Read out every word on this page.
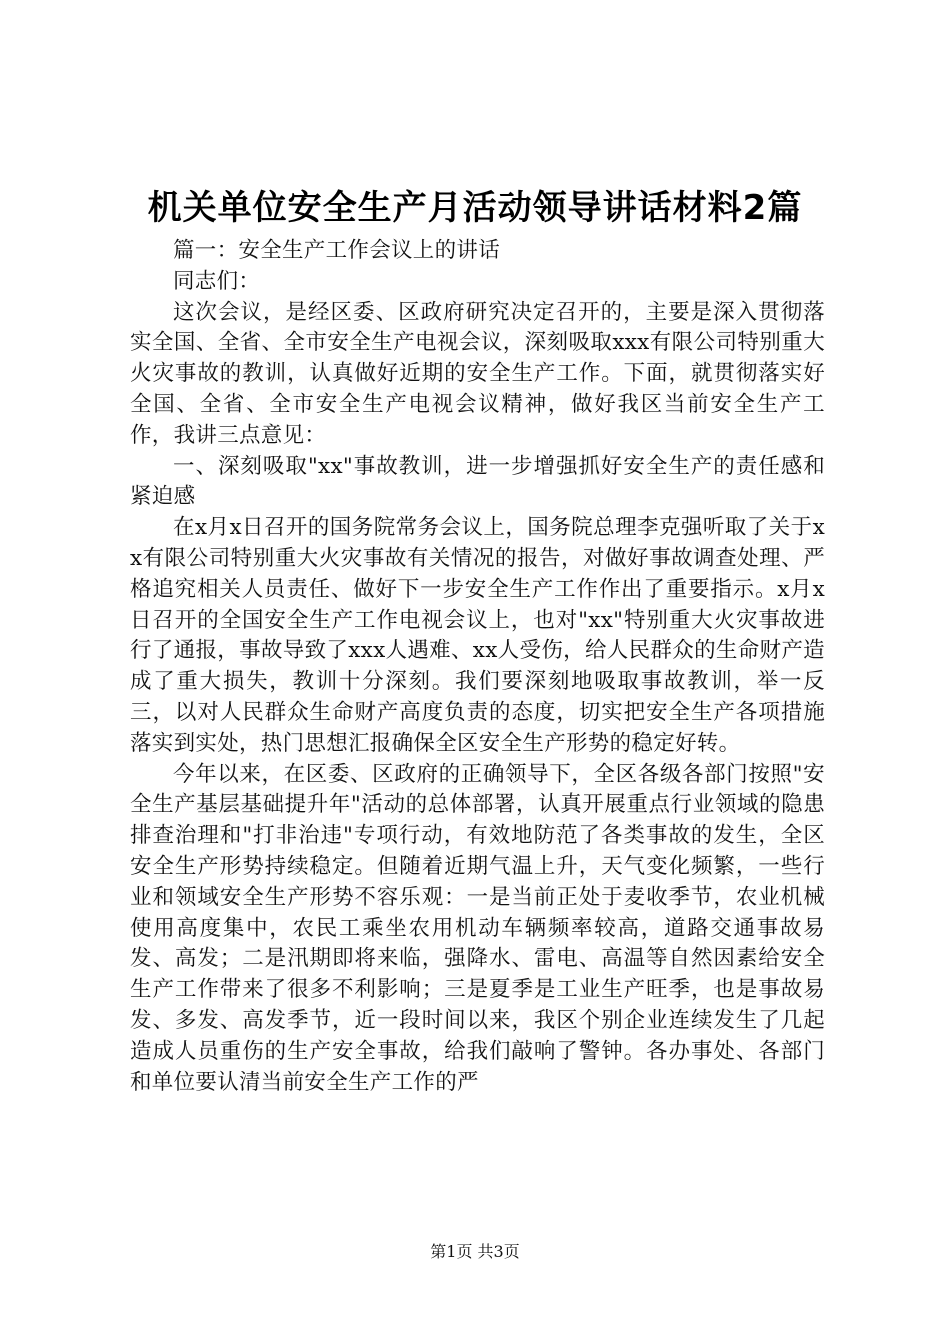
机关单位安全生产月活动领导讲话材料2篇

篇一：安全生产工作会议上的讲话

同志们：

这次会议，是经区委、区政府研究决定召开的，主要是深入贯彻落实全国、全省、全市安全生产电视会议，深刻吸取xxx有限公司特别重大火灾事故的教训，认真做好近期的安全生产工作。下面，就贯彻落实好全国、全省、全市安全生产电视会议精神，做好我区当前安全生产工作，我讲三点意见：

一、深刻吸取"xx"事故教训，进一步增强抓好安全生产的责任感和紧迫感

在x月x日召开的国务院常务会议上，国务院总理李克强听取了关于xx有限公司特别重大火灾事故有关情况的报告，对做好事故调查处理、严格追究相关人员责任、做好下一步安全生产工作作出了重要指示。x月x日召开的全国安全生产工作电视会议上，也对"xx"特别重大火灾事故进行了通报，事故导致了xxx人遇难、xx人受伤，给人民群众的生命财产造成了重大损失，教训十分深刻。我们要深刻地吸取事故教训，举一反三，以对人民群众生命财产高度负责的态度，切实把安全生产各项措施落实到实处，热门思想汇报确保全区安全生产形势的稳定好转。

今年以来，在区委、区政府的正确领导下，全区各级各部门按照"安全生产基层基础提升年"活动的总体部署，认真开展重点行业领域的隐患排查治理和"打非治违"专项行动，有效地防范了各类事故的发生，全区安全生产形势持续稳定。但随着近期气温上升，天气变化频繁，一些行业和领域安全生产形势不容乐观：一是当前正处于麦收季节，农业机械使用高度集中，农民工乘坐农用机动车辆频率较高，道路交通事故易发、高发；二是汛期即将来临，强降水、雷电、高温等自然因素给安全生产工作带来了很多不利影响；三是夏季是工业生产旺季，也是事故易发、多发、高发季节，近一段时间以来，我区个别企业连续发生了几起造成人员重伤的生产安全事故，给我们敲响了警钟。各办事处、各部门和单位要认清当前安全生产工作的严

第1页 共3页
